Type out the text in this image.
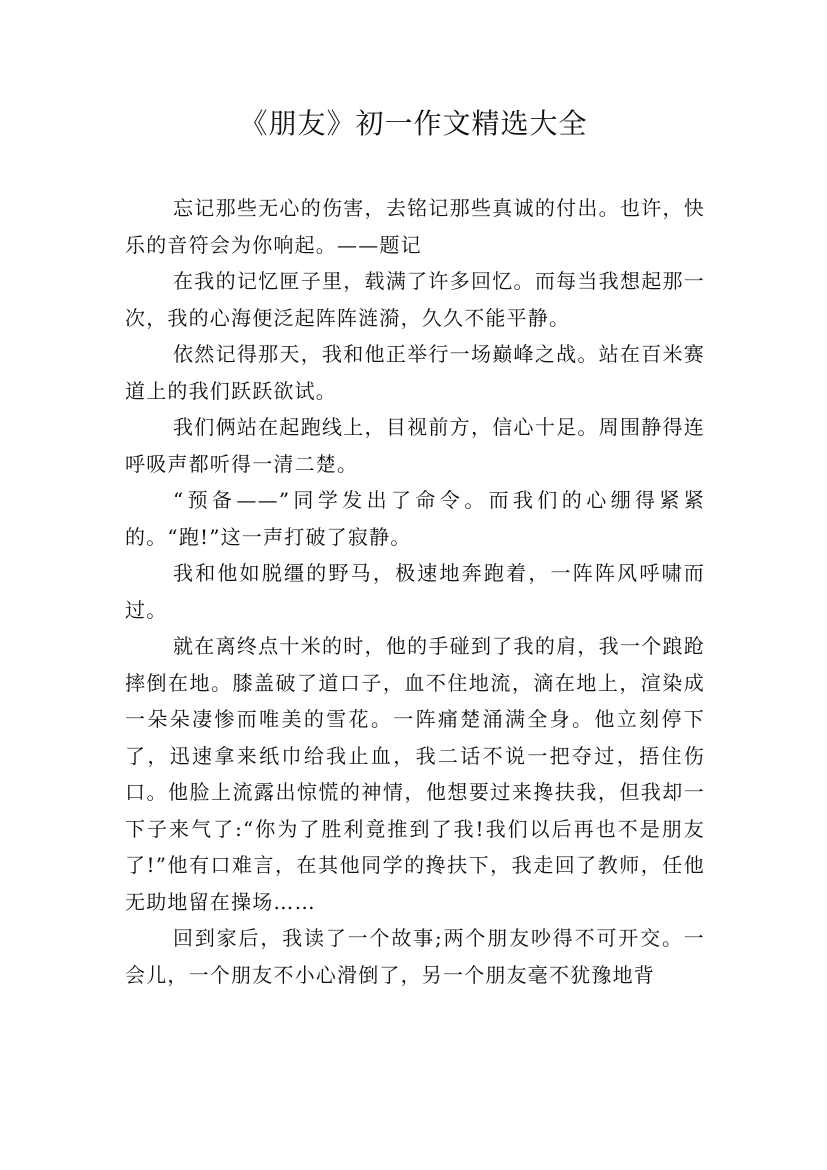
《朋友》初一作文精选大全

忘记那些无心的伤害，去铭记那些真诚的付出。也许，快乐的音符会为你响起。——题记

在我的记忆匣子里，载满了许多回忆。而每当我想起那一次，我的心海便泛起阵阵涟漪，久久不能平静。

依然记得那天，我和他正举行一场巅峰之战。站在百米赛道上的我们跃跃欲试。

我们俩站在起跑线上，目视前方，信心十足。周围静得连呼吸声都听得一清二楚。

“预备——”同学发出了命令。而我们的心绷得紧紧的。“跑!”这一声打破了寂静。

我和他如脱缰的野马，极速地奔跑着，一阵阵风呼啸而过。

就在离终点十米的时，他的手碰到了我的肩，我一个踉跄摔倒在地。膝盖破了道口子，血不住地流，滴在地上，渲染成一朵朵凄惨而唯美的雪花。一阵痛楚涌满全身。他立刻停下了，迅速拿来纸巾给我止血，我二话不说一把夺过，捂住伤口。他脸上流露出惊慌的神情，他想要过来搀扶我，但我却一下子来气了:“你为了胜利竟推到了我!我们以后再也不是朋友了!”他有口难言，在其他同学的搀扶下，我走回了教师，任他无助地留在操场……

回到家后，我读了一个故事;两个朋友吵得不可开交。一会儿，一个朋友不小心滑倒了，另一个朋友毫不犹豫地背
